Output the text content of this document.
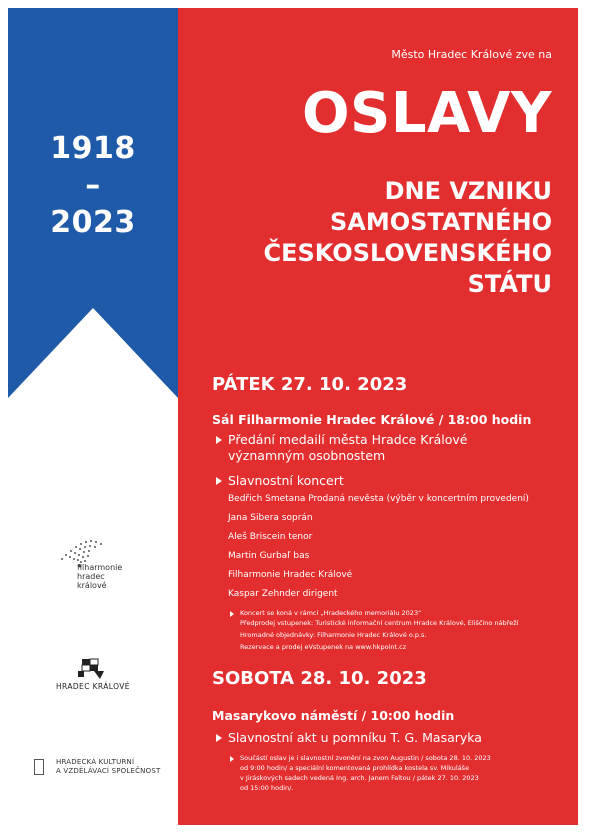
1918
–
2023
Město Hradec Králové zve na
OSLAVY
DNE VZNIKU
SAMOSTATNÉHO
ČESKOSLOVENSKÉHO
STÁTU
PÁTEK 27. 10. 2023
Sál Filharmonie Hradec Králové / 18:00 hodin
Předání medailí města Hradce Králové
významným osobnostem
Slavnostní koncert
Bedřich Smetana Prodaná nevěsta (výběr v koncertním provedení)
Jana Sibera soprán
Aleš Briscein tenor
Martin Gurbaľ bas
Filharmonie Hradec Králové
Kaspar Zehnder dirigent
Koncert se koná v rámci „Hradeckého memoriálu 2023“
Předprodej vstupenek: Turistické informační centrum Hradce Králové, Eliščino nábřeží
Hromadné objednávky: Filharmonie Hradec Králové o.p.s.
Rezervace a prodej eVstupenek na www.hkpoint.cz
SOBOTA 28. 10. 2023
Masarykovo náměstí / 10:00 hodin
Slavnostní akt u pomníku T. G. Masaryka
Součástí oslav je i slavnostní zvonění na zvon Augustin / sobota 28. 10. 2023
od 9:00 hodin/ a speciální komentovaná prohlídka kostela sv. Mikuláše
v Jiráskových sadech vedená Ing. arch. Janem Faltou / pátek 27. 10. 2023
od 15:00 hodin/.
filharmonie
hradec
králové
HRADEC KRÁLOVÉ
HRADECKÁ KULTURNÍ
A VZDĚLÁVACÍ SPOLEČNOST
